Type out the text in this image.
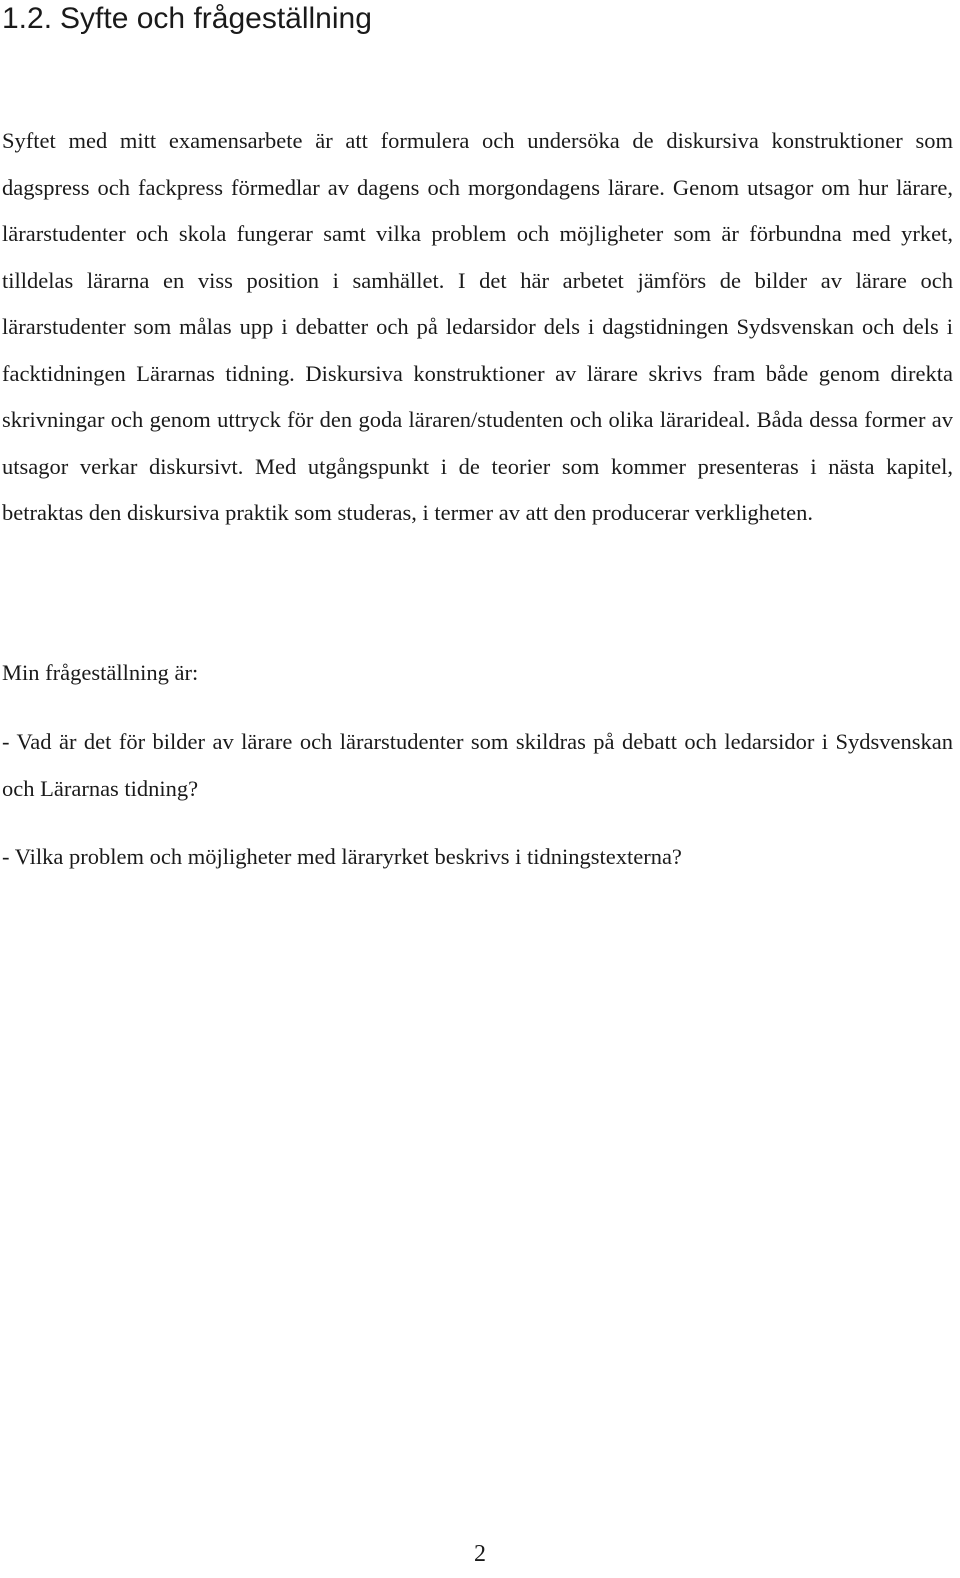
1.2. Syfte och frågeställning

Syftet med mitt examensarbete är att formulera och undersöka de diskursiva konstruktioner som dagspress och fackpress förmedlar av dagens och morgondagens lärare. Genom utsagor om hur lärare, lärarstudenter och skola fungerar samt vilka problem och möjligheter som är förbundna med yrket, tilldelas lärarna en viss position i samhället. I det här arbetet jämförs de bilder av lärare och lärarstudenter som målas upp i debatter och på ledarsidor dels i dagstidningen Sydsvenskan och dels i facktidningen Lärarnas tidning. Diskursiva konstruktioner av lärare skrivs fram både genom direkta skrivningar och genom uttryck för den goda läraren/studenten och olika lärarideal. Båda dessa former av utsagor verkar diskursivt. Med utgångspunkt i de teorier som kommer presenteras i nästa kapitel, betraktas den diskursiva praktik som studeras, i termer av att den producerar verkligheten.

Min frågeställning är:

- Vad är det för bilder av lärare och lärarstudenter som skildras på debatt och ledarsidor i Sydsvenskan och Lärarnas tidning?

- Vilka problem och möjligheter med läraryrket beskrivs i tidningstexterna?

2
